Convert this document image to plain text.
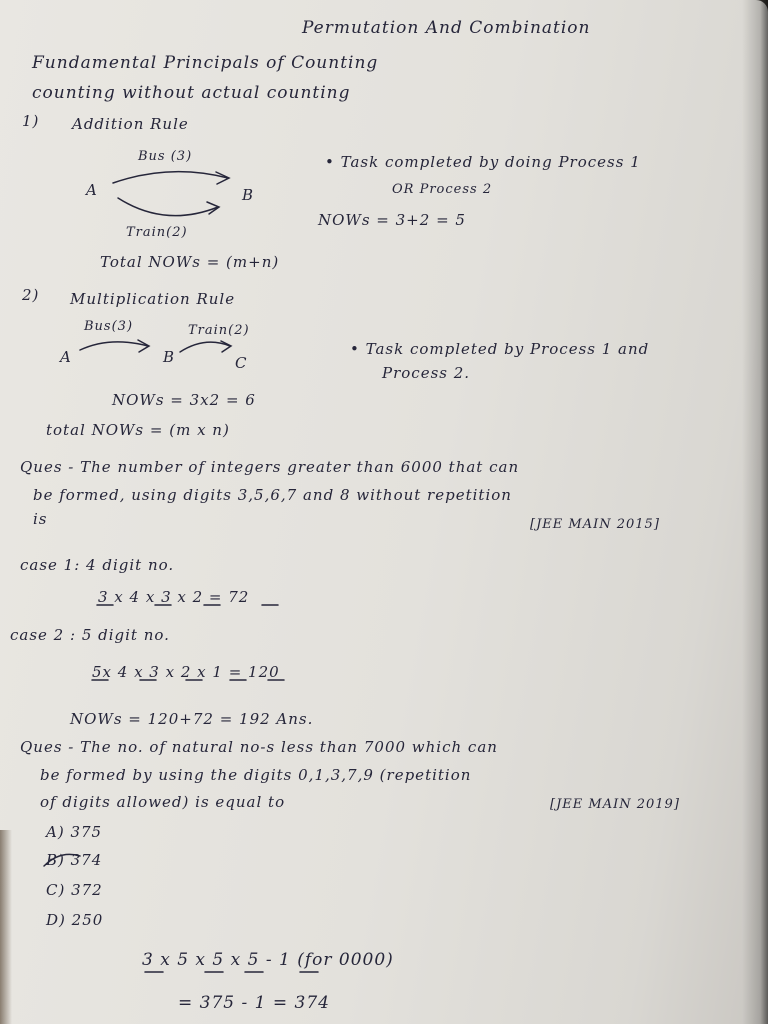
Permutation And Combination
Fundamental Principals of Counting
counting without actual counting
1) Addition Rule
Bus (3)
A	B
Train(2)
• Task completed by doing Process 1
OR Process 2
NOWs = 3+2 = 5
Total NOWs = (m+n)
2) Multiplication Rule
Bus(3)	Train(2)
A	B	C
• Task completed by Process 1 and
Process 2.
NOWs = 3x2 = 6
total NOWs = (m x n)
Ques - The number of integers greater than 6000 that can
be formed, using digits 3,5,6,7 and 8 without repetition
is	[JEE MAIN 2015]
case 1: 4 digit no.
3 x 4 x 3 x 2 = 72
case 2 : 5 digit no.
5x 4 x 3 x 2 x 1 = 120
NOWs = 120+72 = 192 Ans.
Ques - The no. of natural no-s less than 7000 which can
be formed by using the digits 0,1,3,7,9 (repetition
of digits allowed) is equal to	[JEE MAIN 2019]
A) 375
B) 374
C) 372
D) 250
3 x 5 x 5 x 5 - 1 (for 0000)
= 375 - 1 = 374
